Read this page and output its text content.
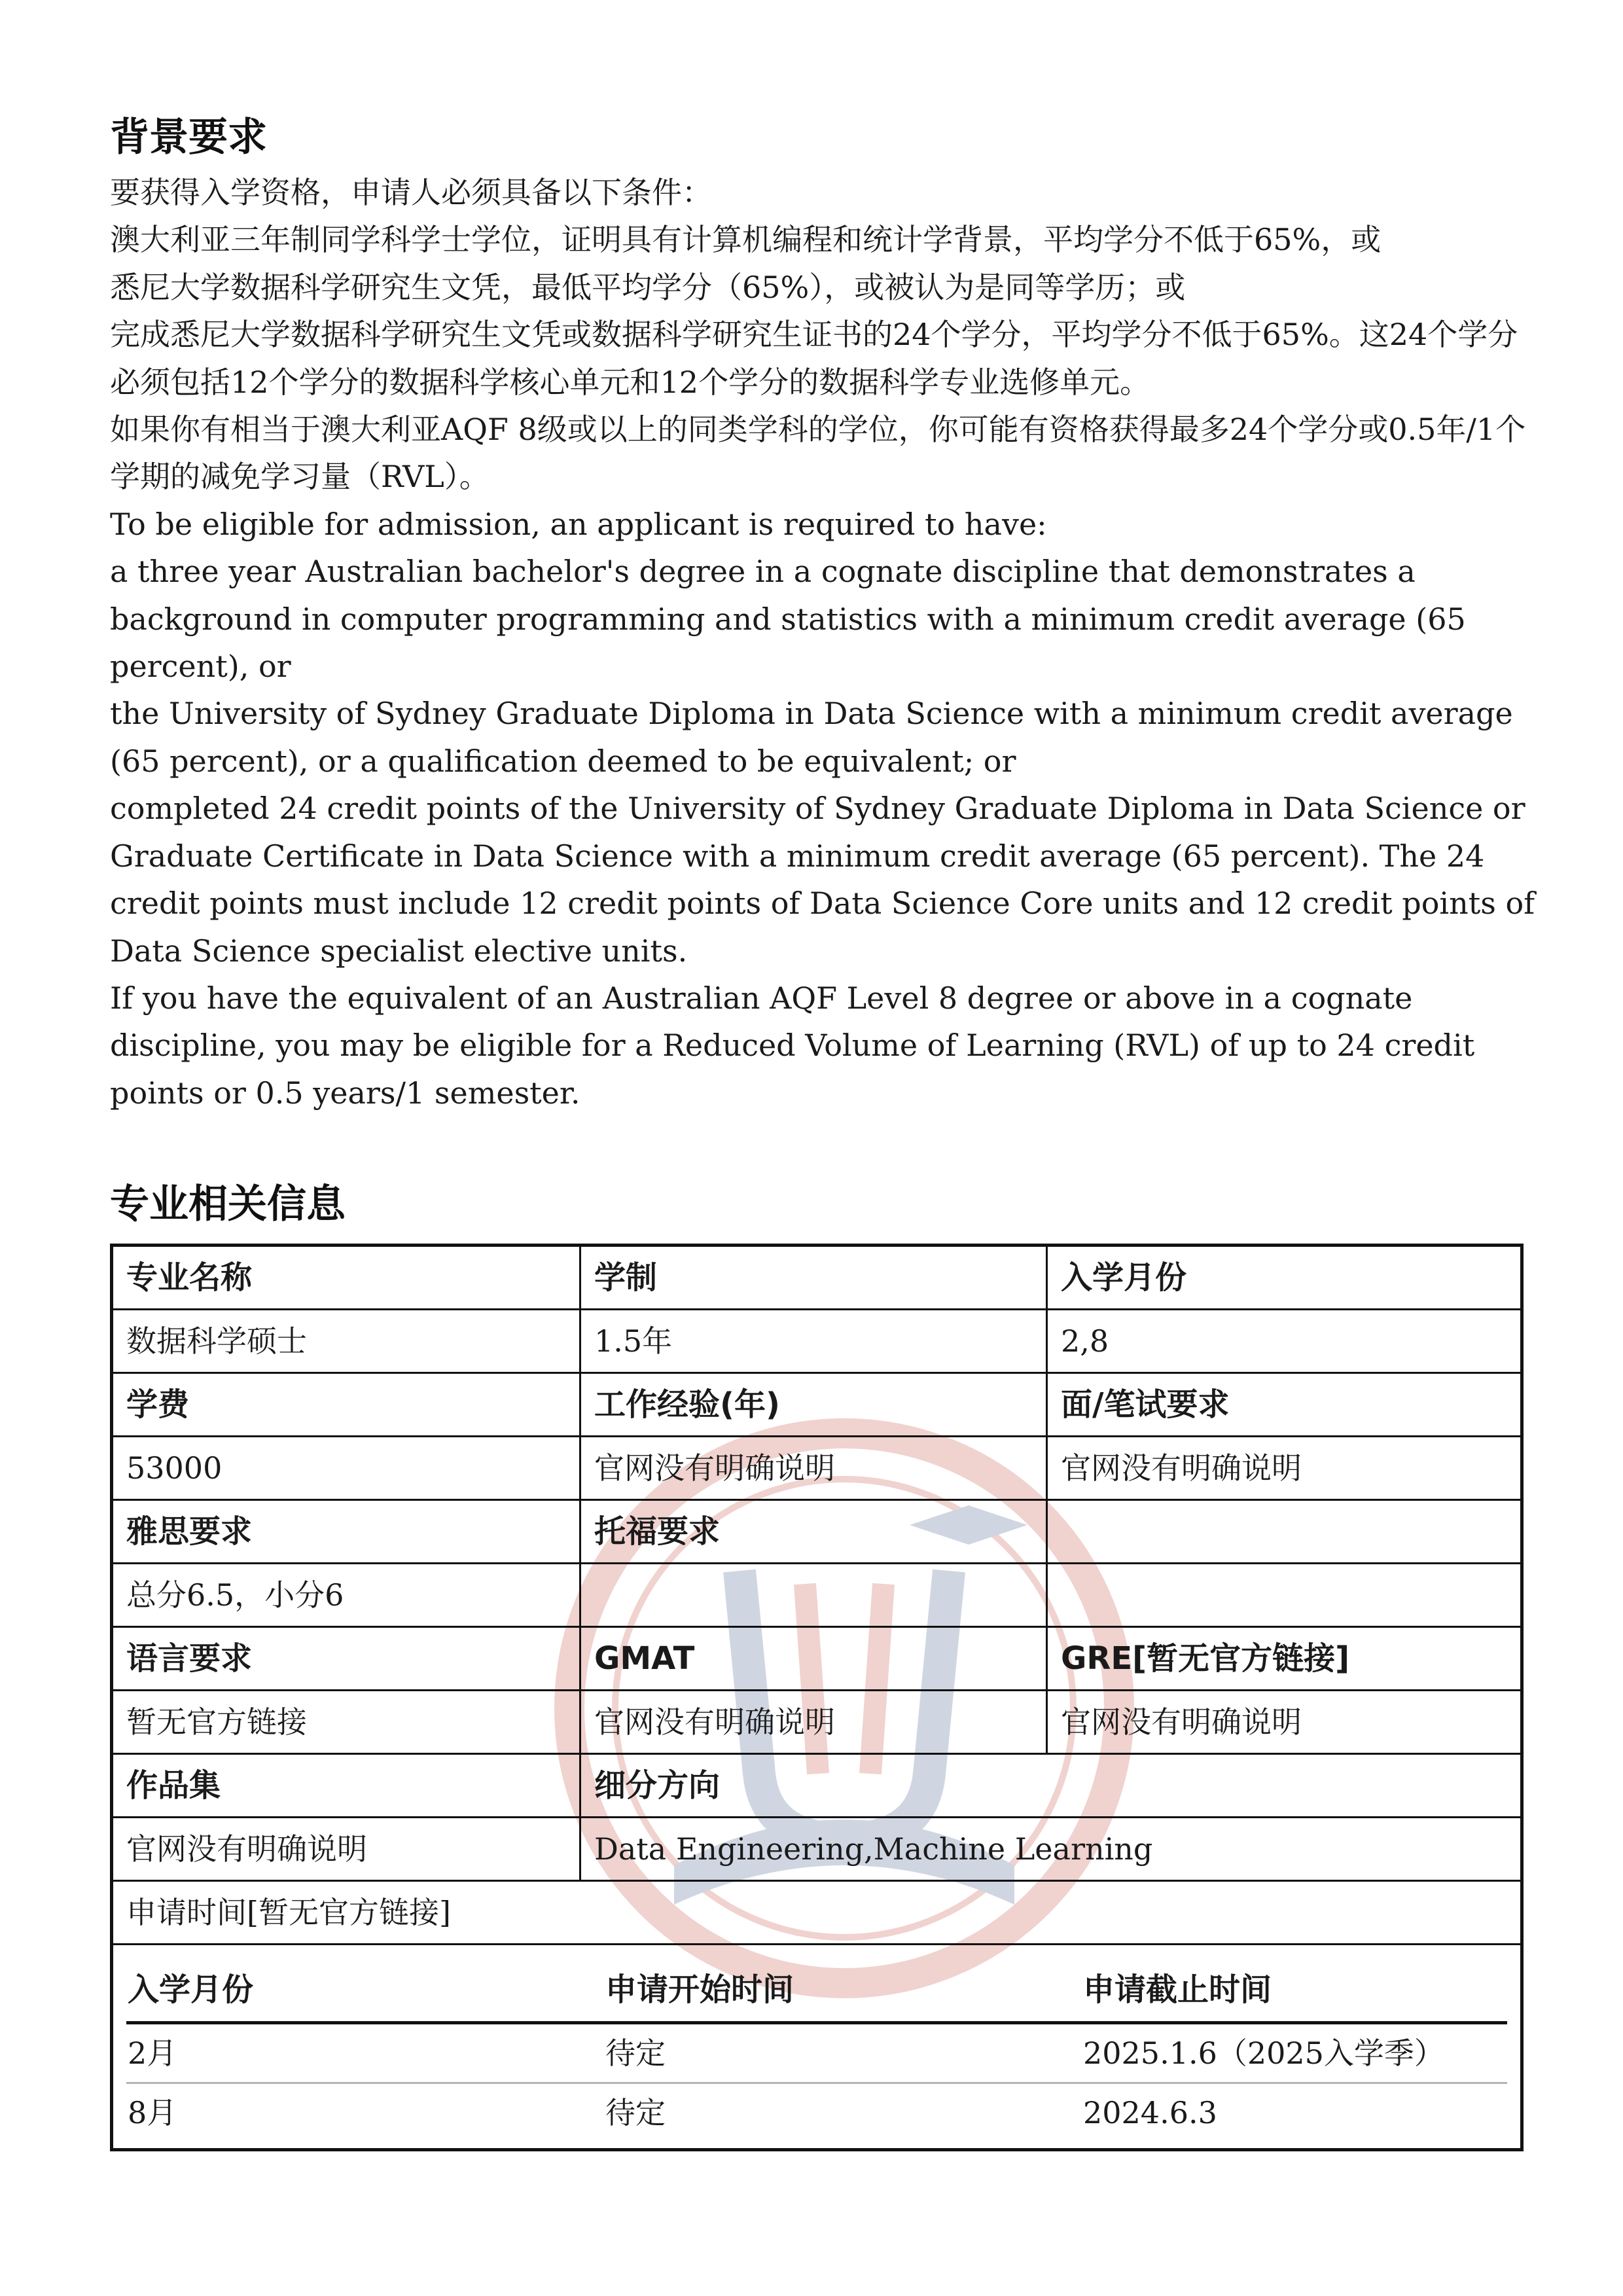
背景要求

要获得入学资格，申请人必须具备以下条件：

澳大利亚三年制同学科学士学位，证明具有计算机编程和统计学背景，平均学分不低于65%，或

悉尼大学数据科学研究生文凭，最低平均学分（65%），或被认为是同等学历；或

完成悉尼大学数据科学研究生文凭或数据科学研究生证书的24个学分，平均学分不低于65%。这24个学分必须包括12个学分的数据科学核心单元和12个学分的数据科学专业选修单元。

如果你有相当于澳大利亚AQF 8级或以上的同类学科的学位，你可能有资格获得最多24个学分或0.5年/1个学期的减免学习量（RVL）。

To be eligible for admission, an applicant is required to have:

a three year Australian bachelor's degree in a cognate discipline that demonstrates a background in computer programming and statistics with a minimum credit average (65 percent), or

the University of Sydney Graduate Diploma in Data Science with a minimum credit average (65 percent), or a qualification deemed to be equivalent; or

completed 24 credit points of the University of Sydney Graduate Diploma in Data Science or Graduate Certificate in Data Science with a minimum credit average (65 percent). The 24 credit points must include 12 credit points of Data Science Core units and 12 credit points of Data Science specialist elective units.

If you have the equivalent of an Australian AQF Level 8 degree or above in a cognate discipline, you may be eligible for a Reduced Volume of Learning (RVL) of up to 24 credit points or 0.5 years/1 semester.

专业相关信息
专业名称	学制	入学月份
数据科学硕士	1.5年	2,8
学费	工作经验(年)	面/笔试要求
53000	官网没有明确说明	官网没有明确说明
雅思要求	托福要求
总分6.5，小分6
语言要求	GMAT	GRE[暂无官方链接]
暂无官方链接	官网没有明确说明	官网没有明确说明
作品集	细分方向
官网没有明确说明	Data Engineering,Machine Learning
申请时间[暂无官方链接]
入学月份	申请开始时间	申请截止时间
2月	待定	2025.1.6（2025入学季）
8月	待定	2024.6.3
